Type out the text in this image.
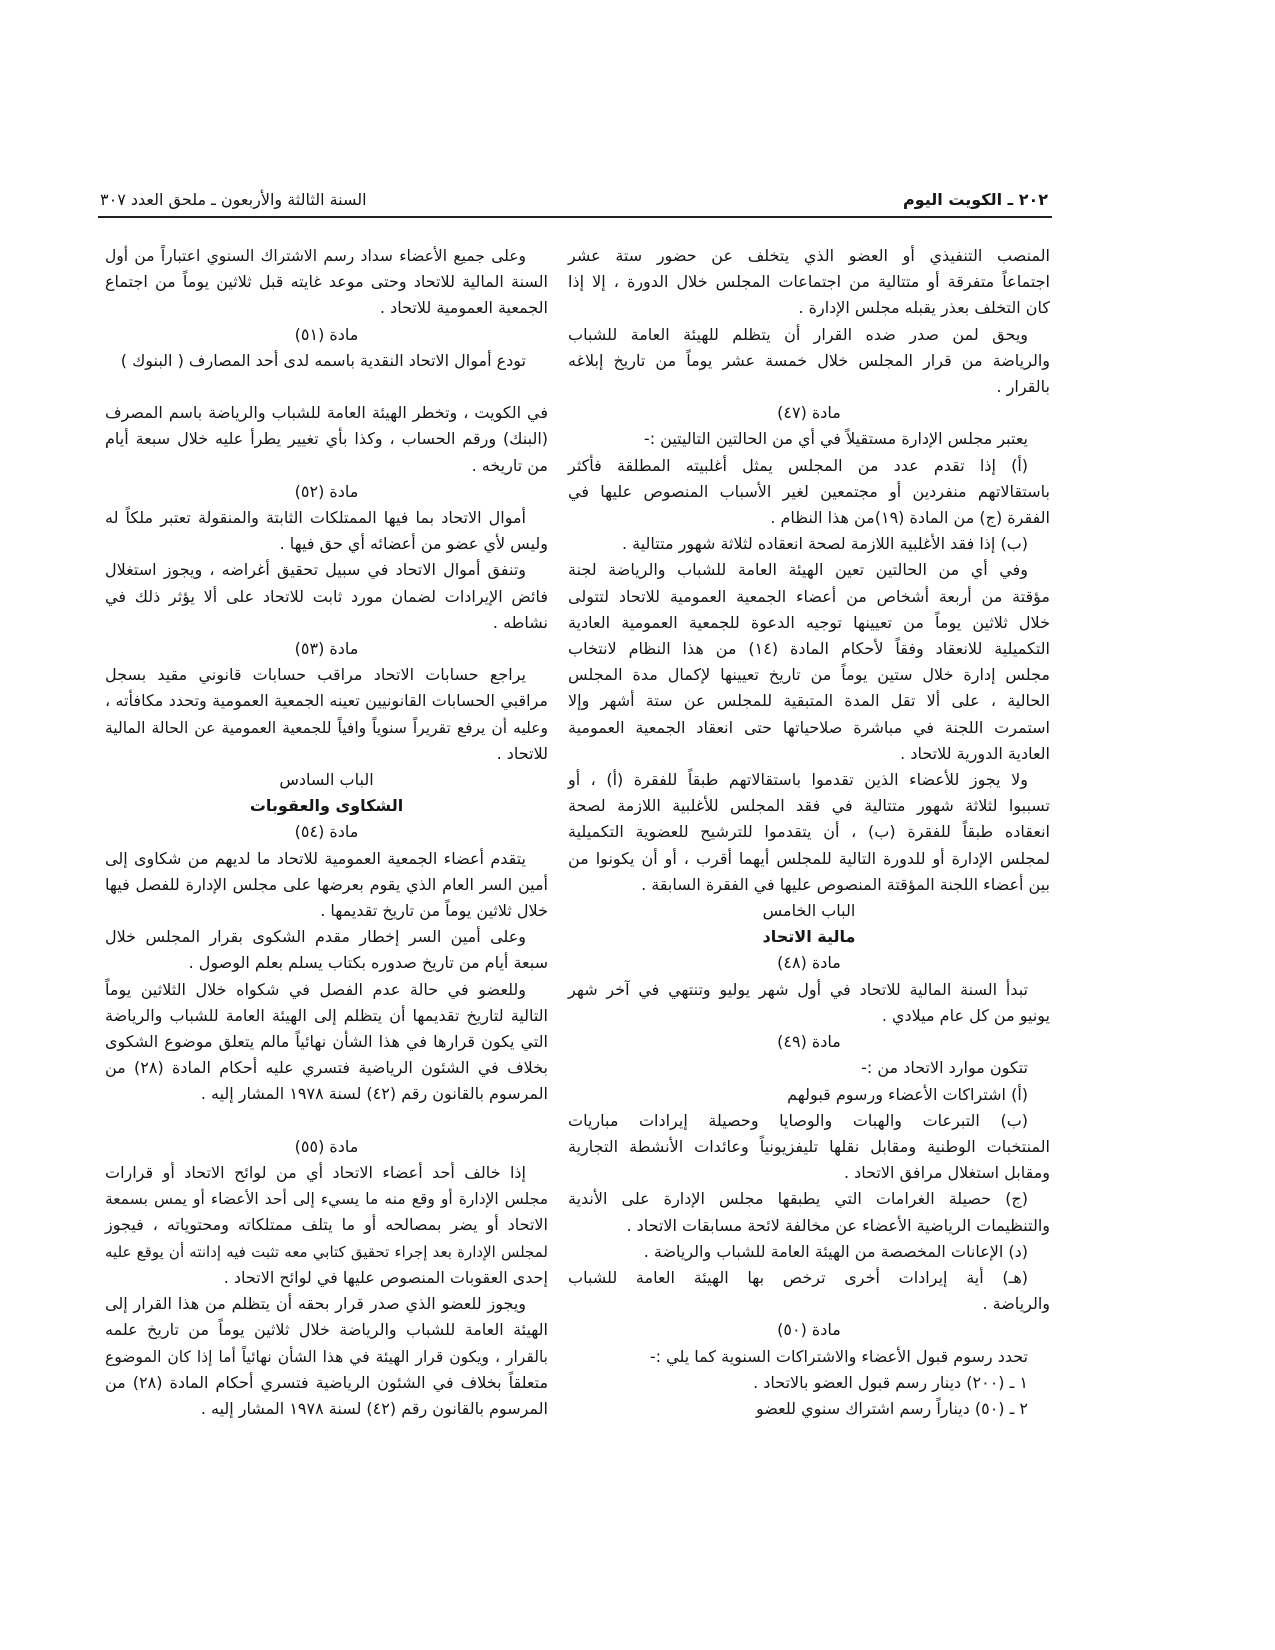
٢٠٢ ـ الكويت اليوم
السنة الثالثة والأربعون ـ ملحق العدد ٣٠٧
المنصب التنفيذي أو العضو الذي يتخلف عن حضور ستة عشر
اجتماعاً متفرقة أو متتالية من اجتماعات المجلس خلال الدورة ، إلا إذا
كان التخلف بعذر يقبله مجلس الإدارة .
ويحق لمن صدر ضده القرار أن يتظلم للهيئة العامة للشباب
والرياضة من قرار المجلس خلال خمسة عشر يوماً من تاريخ إبلاغه
بالقرار .
مادة (٤٧)
يعتبر مجلس الإدارة مستقيلاً في أي من الحالتين التاليتين :-
(أ) إذا تقدم عدد من المجلس يمثل أغلبيته المطلقة فأكثر
باستقالاتهم منفردين أو مجتمعين لغير الأسباب المنصوص عليها في
الفقرة (ج) من المادة (١٩)من هذا النظام .
(ب) إذا فقد الأغلبية اللازمة لصحة انعقاده لثلاثة شهور متتالية .
وفي أي من الحالتين تعين الهيئة العامة للشباب والرياضة لجنة
مؤقتة من أربعة أشخاص من أعضاء الجمعية العمومية للاتحاد لتتولى
خلال ثلاثين يوماً من تعيينها توجيه الدعوة للجمعية العمومية العادية
التكميلية للانعقاد وفقاً لأحكام المادة (١٤) من هذا النظام لانتخاب
مجلس إدارة خلال ستين يوماً من تاريخ تعيينها لإكمال مدة المجلس
الحالية ، على ألا تقل المدة المتبقية للمجلس عن ستة أشهر وإلا
استمرت اللجنة في مباشرة صلاحياتها حتى انعقاد الجمعية العمومية
العادية الدورية للاتحاد .
ولا يجوز للأعضاء الذين تقدموا باستقالاتهم طبقاً للفقرة (أ) ، أو
تسببوا لثلاثة شهور متتالية في فقد المجلس للأغلبية اللازمة لصحة
انعقاده طبقاً للفقرة (ب) ، أن يتقدموا للترشيح للعضوية التكميلية
لمجلس الإدارة أو للدورة التالية للمجلس أيهما أقرب ، أو أن يكونوا من
بين أعضاء اللجنة المؤقتة المنصوص عليها في الفقرة السابقة .
الباب الخامس
مالية الاتحاد
مادة (٤٨)
تبدأ السنة المالية للاتحاد في أول شهر يوليو وتنتهي في آخر شهر
يونيو من كل عام ميلادي .
مادة (٤٩)
تتكون موارد الاتحاد من :-
(أ) اشتراكات الأعضاء ورسوم قبولهم
(ب) التبرعات والهبات والوصايا وحصيلة إيرادات مباريات
المنتخبات الوطنية ومقابل نقلها تليفزيونياً وعائدات الأنشطة التجارية
ومقابل استغلال مرافق الاتحاد .
(ج) حصيلة الغرامات التي يطبقها مجلس الإدارة على الأندية
والتنظيمات الرياضية الأعضاء عن مخالفة لائحة مسابقات الاتحاد .
(د) الإعانات المخصصة من الهيئة العامة للشباب والرياضة .
(هـ) أية إيرادات أخرى ترخص بها الهيئة العامة للشباب
والرياضة .
مادة (٥٠)
تحدد رسوم قبول الأعضاء والاشتراكات السنوية كما يلي :-
١ ـ (٢٠٠) دينار رسم قبول العضو بالاتحاد .
٢ ـ (٥٠) ديناراً رسم اشتراك سنوي للعضو
وعلى جميع الأعضاء سداد رسم الاشتراك السنوي اعتباراً من أول
السنة المالية للاتحاد وحتى موعد غايته قبل ثلاثين يوماً من اجتماع
الجمعية العمومية للاتحاد .
مادة (٥١)
تودع أموال الاتحاد النقدية باسمه لدى أحد المصارف ( البنوك )
في الكويت ، وتخطر الهيئة العامة للشباب والرياضة باسم المصرف
(البنك) ورقم الحساب ، وكذا بأي تغيير يطرأ عليه خلال سبعة أيام
من تاريخه .
مادة (٥٢)
أموال الاتحاد بما فيها الممتلكات الثابتة والمنقولة تعتبر ملكاً له
وليس لأي عضو من أعضائه أي حق فيها .
وتنفق أموال الاتحاد في سبيل تحقيق أغراضه ، ويجوز استغلال
فائض الإيرادات لضمان مورد ثابت للاتحاد على ألا يؤثر ذلك في
نشاطه .
مادة (٥٣)
يراجع حسابات الاتحاد مراقب حسابات قانوني مقيد بسجل
مراقبي الحسابات القانونيين تعينه الجمعية العمومية وتحدد مكافأته ،
وعليه أن يرفع تقريراً سنوياً وافياً للجمعية العمومية عن الحالة المالية
للاتحاد .
الباب السادس
الشكاوى والعقوبات
مادة (٥٤)
يتقدم أعضاء الجمعية العمومية للاتحاد ما لديهم من شكاوى إلى
أمين السر العام الذي يقوم بعرضها على مجلس الإدارة للفصل فيها
خلال ثلاثين يوماً من تاريخ تقديمها .
وعلى أمين السر إخطار مقدم الشكوى بقرار المجلس خلال
سبعة أيام من تاريخ صدوره بكتاب يسلم بعلم الوصول .
وللعضو في حالة عدم الفصل في شكواه خلال الثلاثين يوماً
التالية لتاريخ تقديمها أن يتظلم إلى الهيئة العامة للشباب والرياضة
التي يكون قرارها في هذا الشأن نهائياً مالم يتعلق موضوع الشكوى
بخلاف في الشئون الرياضية فتسري عليه أحكام المادة (٢٨) من
المرسوم بالقانون رقم (٤٢) لسنة ١٩٧٨ المشار إليه .
مادة (٥٥)
إذا خالف أحد أعضاء الاتحاد أي من لوائح الاتحاد أو قرارات
مجلس الإدارة أو وقع منه ما يسيء إلى أحد الأعضاء أو يمس بسمعة
الاتحاد أو يضر بمصالحه أو ما يتلف ممتلكاته ومحتوياته ، فيجوز
لمجلس الإدارة بعد إجراء تحقيق كتابي معه تثبت فيه إدانته أن يوقع عليه
إحدى العقوبات المنصوص عليها في لوائح الاتحاد .
ويجوز للعضو الذي صدر قرار بحقه أن يتظلم من هذا القرار إلى
الهيئة العامة للشباب والرياضة خلال ثلاثين يوماً من تاريخ علمه
بالقرار ، ويكون قرار الهيئة في هذا الشأن نهائياً أما إذا كان الموضوع
متعلقاً بخلاف في الشئون الرياضية فتسري أحكام المادة (٢٨) من
المرسوم بالقانون رقم (٤٢) لسنة ١٩٧٨ المشار إليه .
